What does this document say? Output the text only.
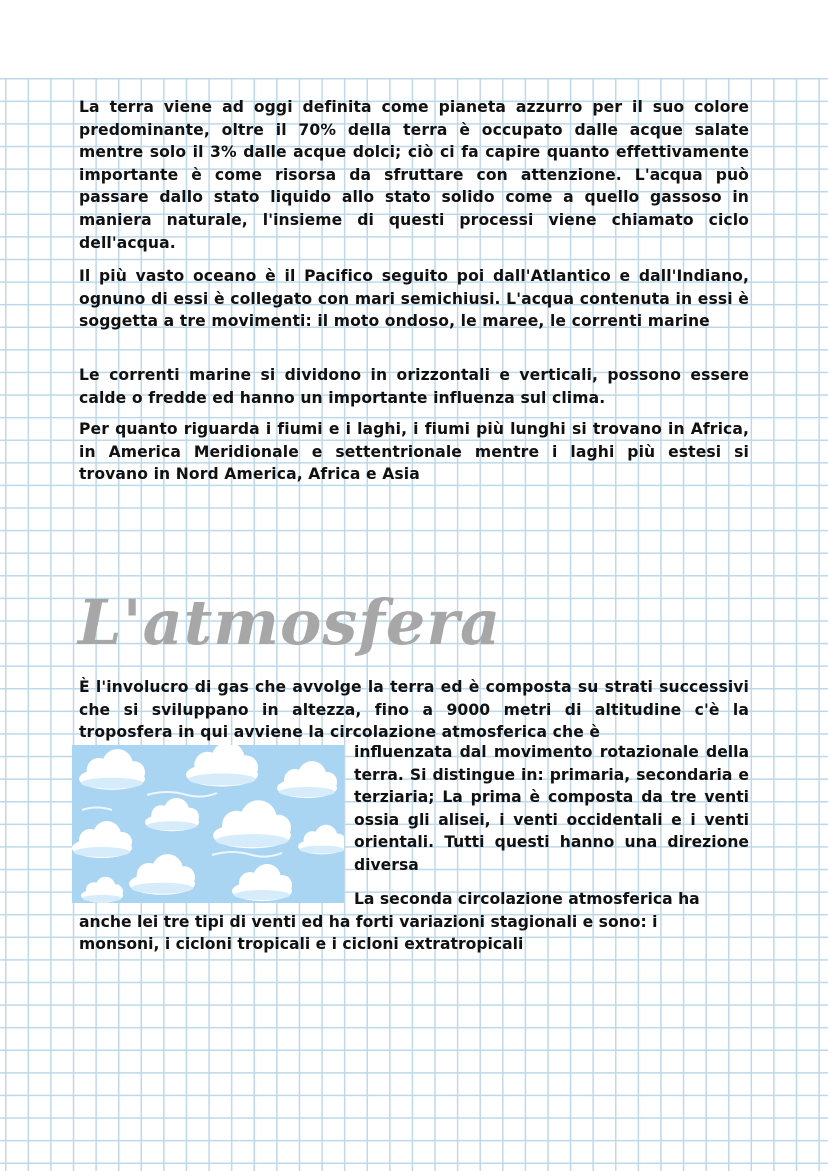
La terra viene ad oggi definita come pianeta azzurro per il suo colore predominante, oltre il 70% della terra è occupato dalle acque salate mentre solo il 3% dalle acque dolci; ciò ci fa capire quanto effettivamente importante è come risorsa da sfruttare con attenzione. L'acqua può passare dallo stato liquido allo stato solido come a quello gassoso in maniera naturale, l'insieme di questi processi viene chiamato ciclo dell'acqua.

Il più vasto oceano è il Pacifico seguito poi dall'Atlantico e dall'Indiano, ognuno di essi è collegato con mari semichiusi. L'acqua contenuta in essi è soggetta a tre movimenti: il moto ondoso, le maree, le correnti marine

Le correnti marine si dividono in orizzontali e verticali, possono essere calde o fredde ed hanno un importante influenza sul clima.

Per quanto riguarda i fiumi e i laghi, i fiumi più lunghi si trovano in Africa, in America Meridionale e settentrionale mentre i laghi più estesi si trovano in Nord America, Africa e Asia

L'atmosfera

È l'involucro di gas che avvolge la terra ed è composta su strati successivi che si sviluppano in altezza, fino a 9000 metri di altitudine c'è la troposfera in qui avviene la circolazione atmosferica che è

influenzata dal movimento rotazionale della terra. Si distingue in: primaria, secondaria e terziaria; La prima è composta da tre venti ossia gli alisei, i venti occidentali e i venti orientali. Tutti questi hanno una direzione diversa

La seconda circolazione atmosferica ha

anche lei tre tipi di venti ed ha forti variazioni stagionali e sono: i

monsoni, i cicloni tropicali e i cicloni extratropicali
